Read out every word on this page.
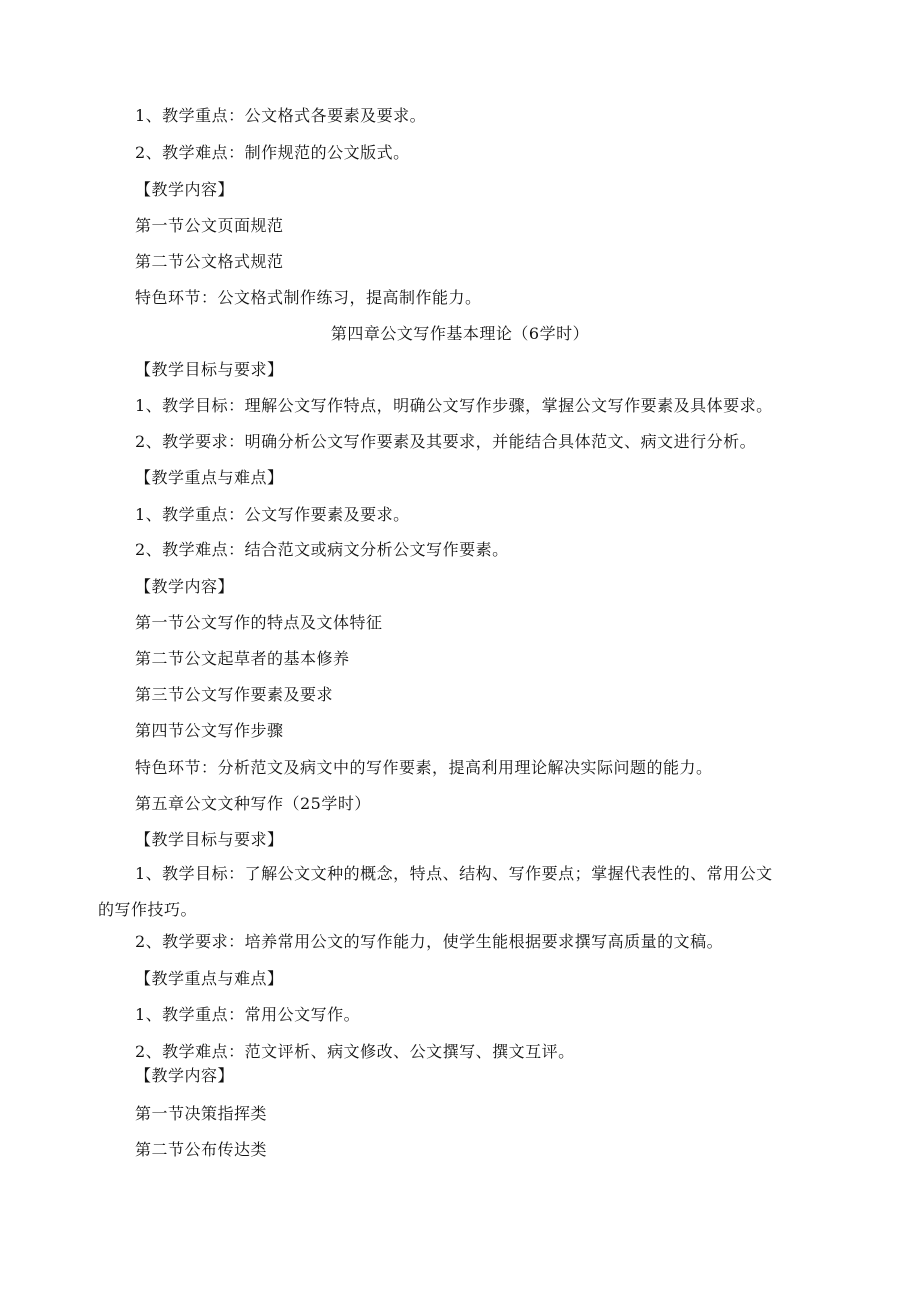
1、教学重点：公文格式各要素及要求。
2、教学难点：制作规范的公文版式。
【教学内容】
第一节公文页面规范
第二节公文格式规范
特色环节：公文格式制作练习，提高制作能力。
第四章公文写作基本理论（6学时）
【教学目标与要求】
1、教学目标：理解公文写作特点，明确公文写作步骤，掌握公文写作要素及具体要求。
2、教学要求：明确分析公文写作要素及其要求，并能结合具体范文、病文进行分析。
【教学重点与难点】
1、教学重点：公文写作要素及要求。
2、教学难点：结合范文或病文分析公文写作要素。
【教学内容】
第一节公文写作的特点及文体特征
第二节公文起草者的基本修养
第三节公文写作要素及要求
第四节公文写作步骤
特色环节：分析范文及病文中的写作要素，提高利用理论解决实际问题的能力。
第五章公文文种写作（25学时）
【教学目标与要求】
1、教学目标：了解公文文种的概念，特点、结构、写作要点；掌握代表性的、常用公文的写作技巧。
2、教学要求：培养常用公文的写作能力，使学生能根据要求撰写高质量的文稿。
【教学重点与难点】
1、教学重点：常用公文写作。
2、教学难点：范文评析、病文修改、公文撰写、撰文互评。
【教学内容】
第一节决策指挥类
第二节公布传达类
